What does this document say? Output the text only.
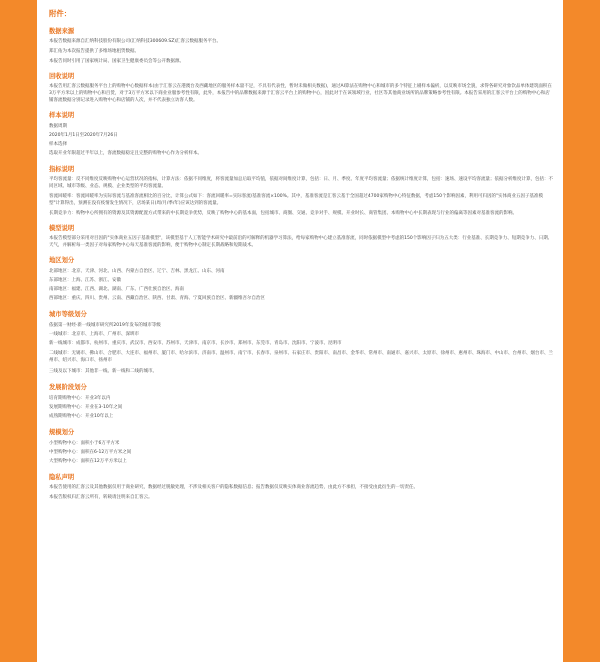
附件：
数据来源

本报告数据来源自汇纳科技股份有限公司(汇纳科技300609.SZ)汇客云数据服务平台。

郑汇佑为本次报告提供了多维场地租赁数据。

本报告同时引用了国家统计局、国家卫生健康委员会等公开数据源。

回收说明

本报告用汇客云数据服务平台上的购物中心数据样本(由于汇客云在港澳台及西藏地区的服务样本量不足，不具有代表性，暂时未做相关数据)，通过AI算法在购物中心和城市的多个特征上剔样本偏析，以反映市场全貌，求得各研究对象饮品单体建筑面积在3万平方米以上的购物中心和百货，对于3万平方米以下商业业服参考性有限，此外，本报告中的品牌数据来源于汇客云平台上的购物中心，因此对于在该领域行业，社区等其他商业场所的品牌策略参考性有限。本报告采用的汇客云平台上的购物中心和店铺客流数据分别记录进入购物中心和店铺的人次，并不代表独立访客人数。

样本说明
数据周期
2020年1月1日至2020年7月26日
样本选择
选取开业年限超过半年以上，客流数据稳定且完整的购物中心作为分析样本。
指标说明

平均客流量：反不同维度反映购物中心运营状况的指标，计算方法：依据不同维度，将客流量加总后取平均值，依据对间维度计算，包括：日、月、季度、年度平均客流量；依据统计维度计算，包括：速场、速设平均客流量；依据分析维度计算，包括：不同区域、城市等级、业态、规模、企业类型的平均客流量。

客流回暖率：客流回暖率为实际客流与基准客流相比的百分比，计算公式如下：客流回暖率=实际客流/基准客流×100%。其中，基准客流是汇客云基于全国超过4700家购物中心特征数据，考虑150个影响因素，利用可归因的"实体商业五因子基准模型"计算得出，预测在没有疫情发生情况下，店场某日(周/月/季/年)应该达到的客流量。

长期竞争力：购物中心所拥有的资源及其资源配置方式带来的中长期竞争优势，反映了购物中心的基本面，包括城市、商圈、交通、竞争对手、规模、开业时长、商管集团、本购物中心中长期表现与行业的偏离等因素对基准客流的影响。

模型说明

本报告模型部分采用对目因的"实体商业五因子基准模型"，该模型基于人工智能学术研究中最前沿的可解释的机器学习算法，给每家购物中心建立基准客流，同时依据模型中考虑的150个影响因子归为五大类：行业基准、长期竞争力、短期竞争力、日期、天气，并解析每一类因子对每家购物中心每天基准客流的影响，便于购物中心制定长期战略和短期战术。

地区划分
北部地区：北京、天津、河北、山西、内蒙古自治区、辽宁、吉林、黑龙江、山东、河南
东部地区：上海、江苏、浙江、安徽
南部地区：福建、江西、湖北、湖南、广东、广西壮族自治区、海南
西部地区：重庆、四川、贵州、云南、西藏自治区、陕西、甘肃、青海、宁夏回族自治区、新疆维吾尔自治区
城市等级划分
依据第一财经·新一线城市研究所2019年发布的城市等级
一线城市：北京市、上海市、广州市、深圳市
新一线城市：成都市、杭州市、重庆市、武汉市、西安市、苏州市、天津市、南京市、长沙市、郑州市、东莞市、青岛市、沈阳市、宁波市、昆明市

二线城市：无锡市、佛山市、合肥市、大连市、福州市、厦门市、哈尔滨市、济南市、温州市、南宁市、长春市、泉州市、石家庄市、贵阳市、南昌市、金华市、常州市、南通市、嘉兴市、太原市、徐州市、惠州市、珠海市、中山市、台州市、烟台市、兰州市、绍兴市、海口市、扬州市

三线及以下城市：其他非一线、新一线和二线的城市。
发展阶段划分
培育期购物中心：开业3年以内
发展期购物中心：开业在3-10年之间
成熟期购物中心：开业10年以上
规模划分
小型购物中心：面积小于6万平方米
中型购物中心：面积在6-12万平方米之间
大型购物中心：面积在12万平方米以上
隐私声明

本报告使用的汇客云及其他数据仅用于商业研究，数据经过脱敏处理，不涉及相关客户的隐私数据信息；报告数据仅反映实体商业客流趋势，由此方不承担，不接受由此衍生的一切责任。

本报告版权归汇客云所有，转载请注明来自汇客云。
